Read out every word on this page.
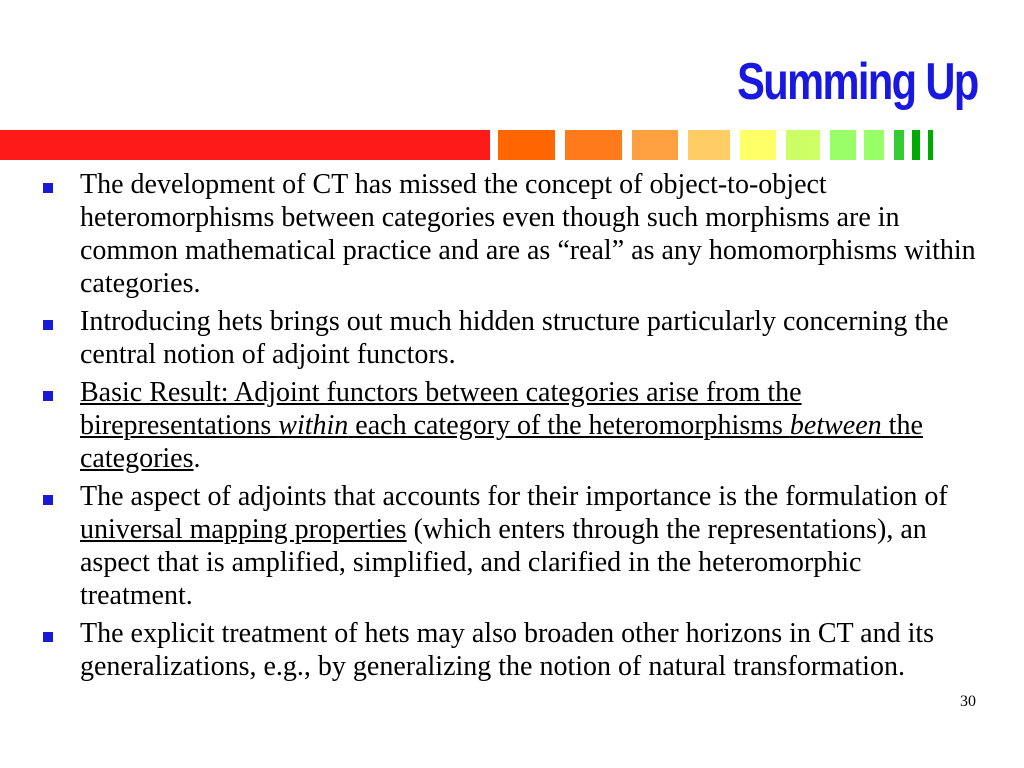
Summing Up
The development of CT has missed the concept of object-to-object heteromorphisms between categories even though such morphisms are in common mathematical practice and are as “real” as any homomorphisms within categories.
Introducing hets brings out much hidden structure particularly concerning the central notion of adjoint functors.
Basic Result: Adjoint functors between categories arise from the birepresentations within each category of the heteromorphisms between the categories.
The aspect of adjoints that accounts for their importance is the formulation of universal mapping properties (which enters through the representations), an aspect that is amplified, simplified, and clarified in the heteromorphic treatment.
The explicit treatment of hets may also broaden other horizons in CT and its generalizations, e.g., by generalizing the notion of natural transformation.
30
